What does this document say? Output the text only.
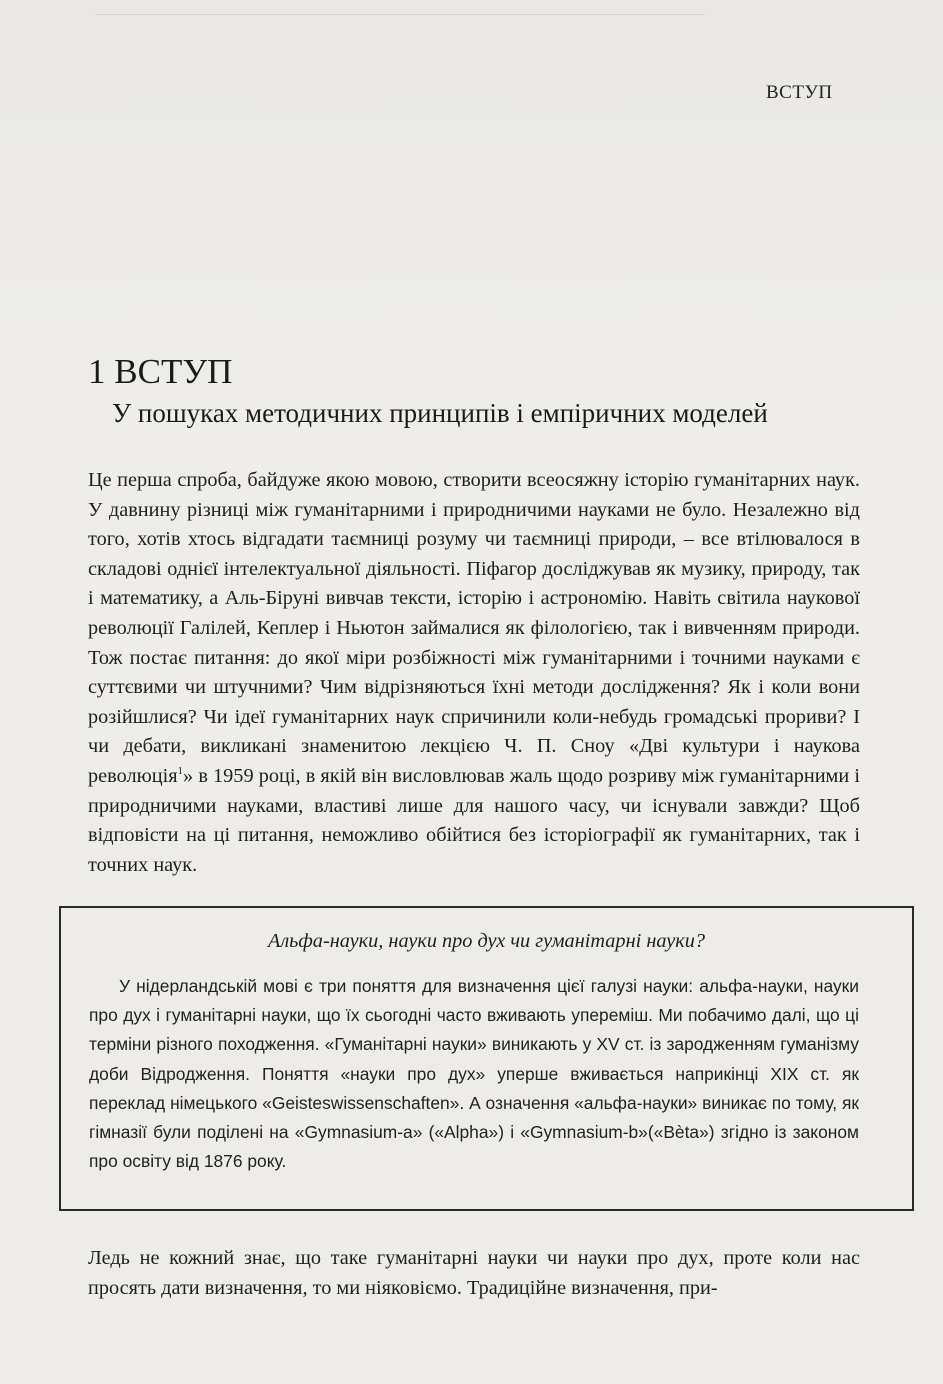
ВСТУП
1 ВСТУП
У пошуках методичних принципів і емпіричних моделей

Це перша спроба, байдуже якою мовою, створити всеосяжну історію гуманітарних наук. У давнину різниці між гуманітарними і природничими науками не було. Незалежно від того, хотів хтось відгадати таємниці розуму чи таємниці природи, – все втілювалося в складові однієї інтелектуальної діяльності. Піфагор досліджував як музику, природу, так і математику, а Аль-Біруні вивчав тексти, історію і астрономію. Навіть світила наукової революції Галілей, Кеплер і Ньютон займалися як філологією, так і вивченням природи. Тож постає питання: до якої міри розбіжності між гуманітарними і точними науками є суттєвими чи штучними? Чим відрізняються їхні методи дослідження? Як і коли вони розійшлися? Чи ідеї гуманітарних наук спричинили коли-небудь громадські прориви? І чи дебати, викликані знаменитою лекцією Ч. П. Сноу «Дві культури і наукова революція$^1$» в 1959 році, в якій він висловлював жаль щодо розриву між гуманітарними і природничими науками, властиві лише для нашого часу, чи існували завжди? Щоб відповісти на ці питання, неможливо обійтися без історіографії як гуманітарних, так і точних наук.

Альфа-науки, науки про дух чи гуманітарні науки?

У нідерландській мові є три поняття для визначення цієї галузі науки: альфа-науки, науки про дух і гуманітарні науки, що їх сьогодні часто вживають упереміш. Ми побачимо далі, що ці терміни різного походження. «Гуманітарні науки» виникають у XV ст. із зародженням гуманізму доби Відродження. Поняття «науки про дух» уперше вживається наприкінці XIX ст. як переклад німецького «Geisteswissenschaften». А означення «альфа-науки» виникає по тому, як гімназії були поділені на «Gymnasium-a» («Alpha») і «Gymnasium-b»(«Bèta») згідно із законом про освіту від 1876 року.

Ледь не кожний знає, що таке гуманітарні науки чи науки про дух, проте коли нас просять дати визначення, то ми ніяковіємо. Традиційне визначення, при-
